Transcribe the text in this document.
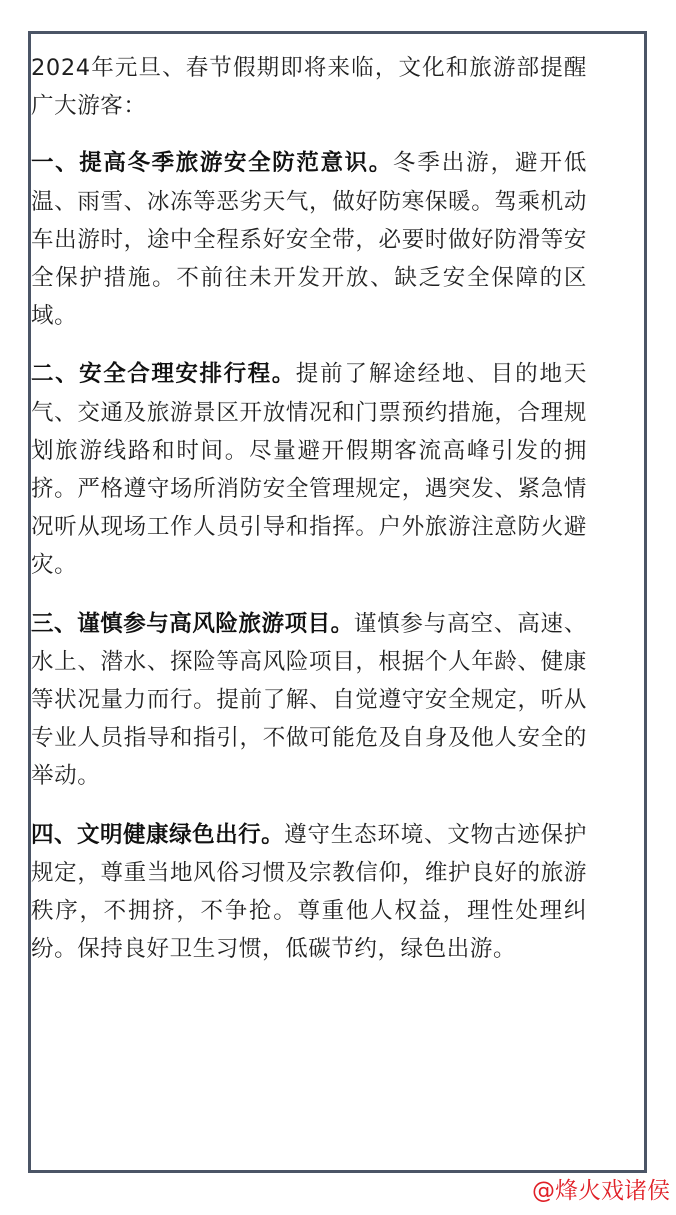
2024年元旦、春节假期即将来临，文化和旅游部提醒广大游客：

一、提高冬季旅游安全防范意识。冬季出游，避开低温、雨雪、冰冻等恶劣天气，做好防寒保暖。驾乘机动车出游时，途中全程系好安全带，必要时做好防滑等安全保护措施。不前往未开发开放、缺乏安全保障的区域。

二、安全合理安排行程。提前了解途经地、目的地天气、交通及旅游景区开放情况和门票预约措施，合理规划旅游线路和时间。尽量避开假期客流高峰引发的拥挤。严格遵守场所消防安全管理规定，遇突发、紧急情况听从现场工作人员引导和指挥。户外旅游注意防火避灾。

三、谨慎参与高风险旅游项目。谨慎参与高空、高速、水上、潜水、探险等高风险项目，根据个人年龄、健康等状况量力而行。提前了解、自觉遵守安全规定，听从专业人员指导和指引，不做可能危及自身及他人安全的举动。

四、文明健康绿色出行。遵守生态环境、文物古迹保护规定，尊重当地风俗习惯及宗教信仰，维护良好的旅游秩序，不拥挤，不争抢。尊重他人权益，理性处理纠纷。保持良好卫生习惯，低碳节约，绿色出游。

@烽火戏诸侯
